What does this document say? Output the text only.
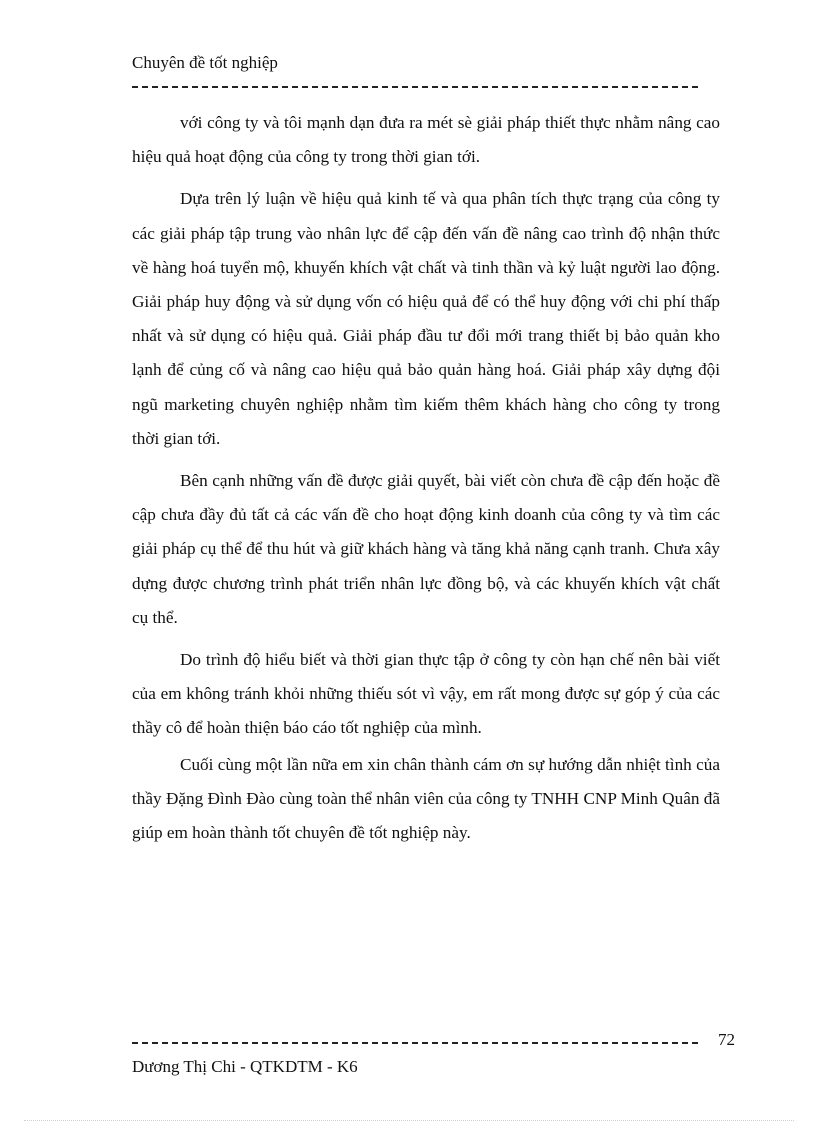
Chuyên đề tốt nghiệp

với công ty và tôi mạnh dạn đưa ra mét sè giải pháp thiết thực nhằm nâng cao hiệu quả hoạt động của công ty trong thời gian tới.

Dựa trên lý luận về hiệu quả kinh tế và qua phân tích thực trạng của công ty các giải pháp tập trung vào nhân lực để cập đến vấn đề nâng cao trình độ nhận thức về hàng hoá tuyển mộ, khuyến khích vật chất và tinh thần và kỷ luật người lao động. Giải pháp huy động và sử dụng vốn có hiệu quả để có thể huy động với chi phí thấp nhất và sử dụng có hiệu quả. Giải pháp đầu tư đổi mới trang thiết bị bảo quản kho lạnh để củng cố và nâng cao hiệu quả bảo quản hàng hoá. Giải pháp xây dựng đội ngũ marketing chuyên nghiệp nhằm tìm kiếm thêm khách hàng cho công ty trong thời gian tới.

Bên cạnh những vấn đề được giải quyết, bài viết còn chưa đề cập đến hoặc đề cập chưa đầy đủ tất cả các vấn đề cho hoạt động kinh doanh của công ty và tìm các giải pháp cụ thể để thu hút và giữ khách hàng và tăng khả năng cạnh tranh. Chưa xây dựng được chương trình phát triển nhân lực đồng bộ, và các khuyến khích vật chất cụ thể.

Do trình độ hiểu biết và thời gian thực tập ở công ty còn hạn chế nên bài viết của em không tránh khỏi những thiếu sót vì vậy, em rất mong được sự góp ý của các thầy cô để hoàn thiện báo cáo tốt nghiệp của mình.

Cuối cùng một lần nữa em xin chân thành cám ơn sự hướng dẫn nhiệt tình của thầy Đặng Đình Đào cùng toàn thể nhân viên của công ty TNHH CNP Minh Quân đã giúp em hoàn thành tốt chuyên đề tốt nghiệp này.

72
Dương Thị Chi - QTKDTM - K6
